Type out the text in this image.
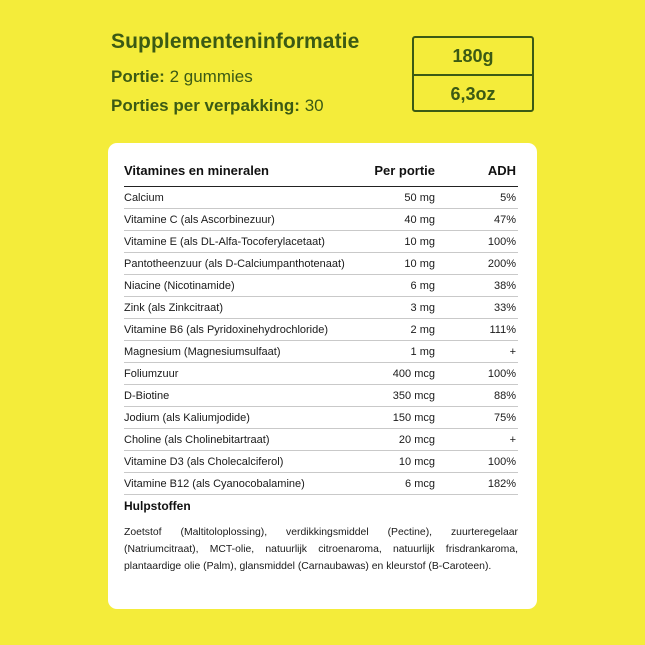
Supplementeninformatie
Portie: 2 gummies
Porties per verpakking: 30
180g
6,3oz
Vitamines en mineralen	Per portie	ADH
Calcium	50 mg	5%
Vitamine C (als Ascorbinezuur)	40 mg	47%
Vitamine E (als DL-Alfa-Tocoferylacetaat)	10 mg	100%
Pantotheenzuur (als D-Calciumpanthotenaat)	10 mg	200%
Niacine (Nicotinamide)	6 mg	38%
Zink (als Zinkcitraat)	3 mg	33%
Vitamine B6 (als Pyridoxinehydrochloride)	2 mg	111%
Magnesium (Magnesiumsulfaat)	1 mg	+
Foliumzuur	400 mcg	100%
D-Biotine	350 mcg	88%
Jodium (als Kaliumjodide)	150 mcg	75%
Choline (als Cholinebitartraat)	20 mcg	+
Vitamine D3 (als Cholecalciferol)	10 mcg	100%
Vitamine B12 (als Cyanocobalamine)	6 mcg	182%
Hulpstoffen
Zoetstof (Maltitoloplossing), verdikkingsmiddel (Pectine), zuurteregelaar (Natriumcitraat), MCT-olie, natuurlijk citroenaroma, natuurlijk frisdrankaroma, plantaardige olie (Palm), glansmiddel (Carnaubawas) en kleurstof (B-Caroteen).
